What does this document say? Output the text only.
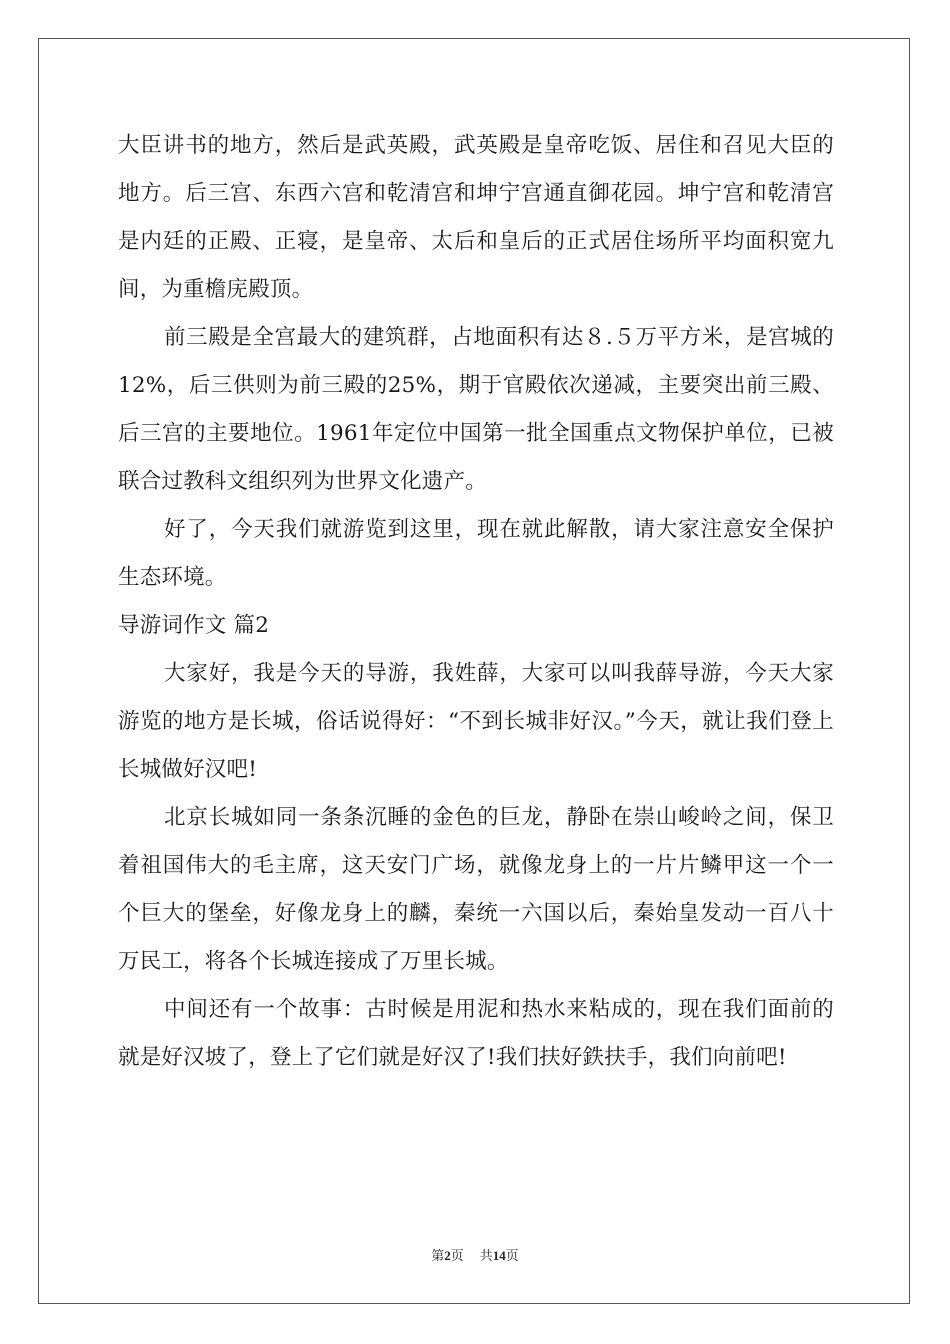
大臣讲书的地方，然后是武英殿，武英殿是皇帝吃饭、居住和召见大臣的地方。后三宫、东西六宫和乾清宫和坤宁宫通直御花园。坤宁宫和乾清宫是内廷的正殿、正寝，是皇帝、太后和皇后的正式居住场所平均面积宽九间，为重檐庑殿顶。

前三殿是全宫最大的建筑群，占地面积有达８.５万平方米，是宫城的12%，后三供则为前三殿的25%，期于官殿依次递减，主要突出前三殿、后三宫的主要地位。1961年定位中国第一批全国重点文物保护单位，已被联合过教科文组织列为世界文化遗产。

好了，今天我们就游览到这里，现在就此解散，请大家注意安全保护生态环境。

导游词作文 篇2

大家好，我是今天的导游，我姓薛，大家可以叫我薛导游，今天大家游览的地方是长城，俗话说得好：“不到长城非好汉。”今天，就让我们登上长城做好汉吧!

北京长城如同一条条沉睡的金色的巨龙，静卧在崇山峻岭之间，保卫着祖国伟大的毛主席，这天安门广场，就像龙身上的一片片鳞甲这一个一个巨大的堡垒，好像龙身上的麟，秦统一六国以后，秦始皇发动一百八十万民工，将各个长城连接成了万里长城。

中间还有一个故事：古时候是用泥和热水来粘成的，现在我们面前的就是好汉坡了，登上了它们就是好汉了!我们扶好鉄扶手，我们向前吧!

第2页 共14页
